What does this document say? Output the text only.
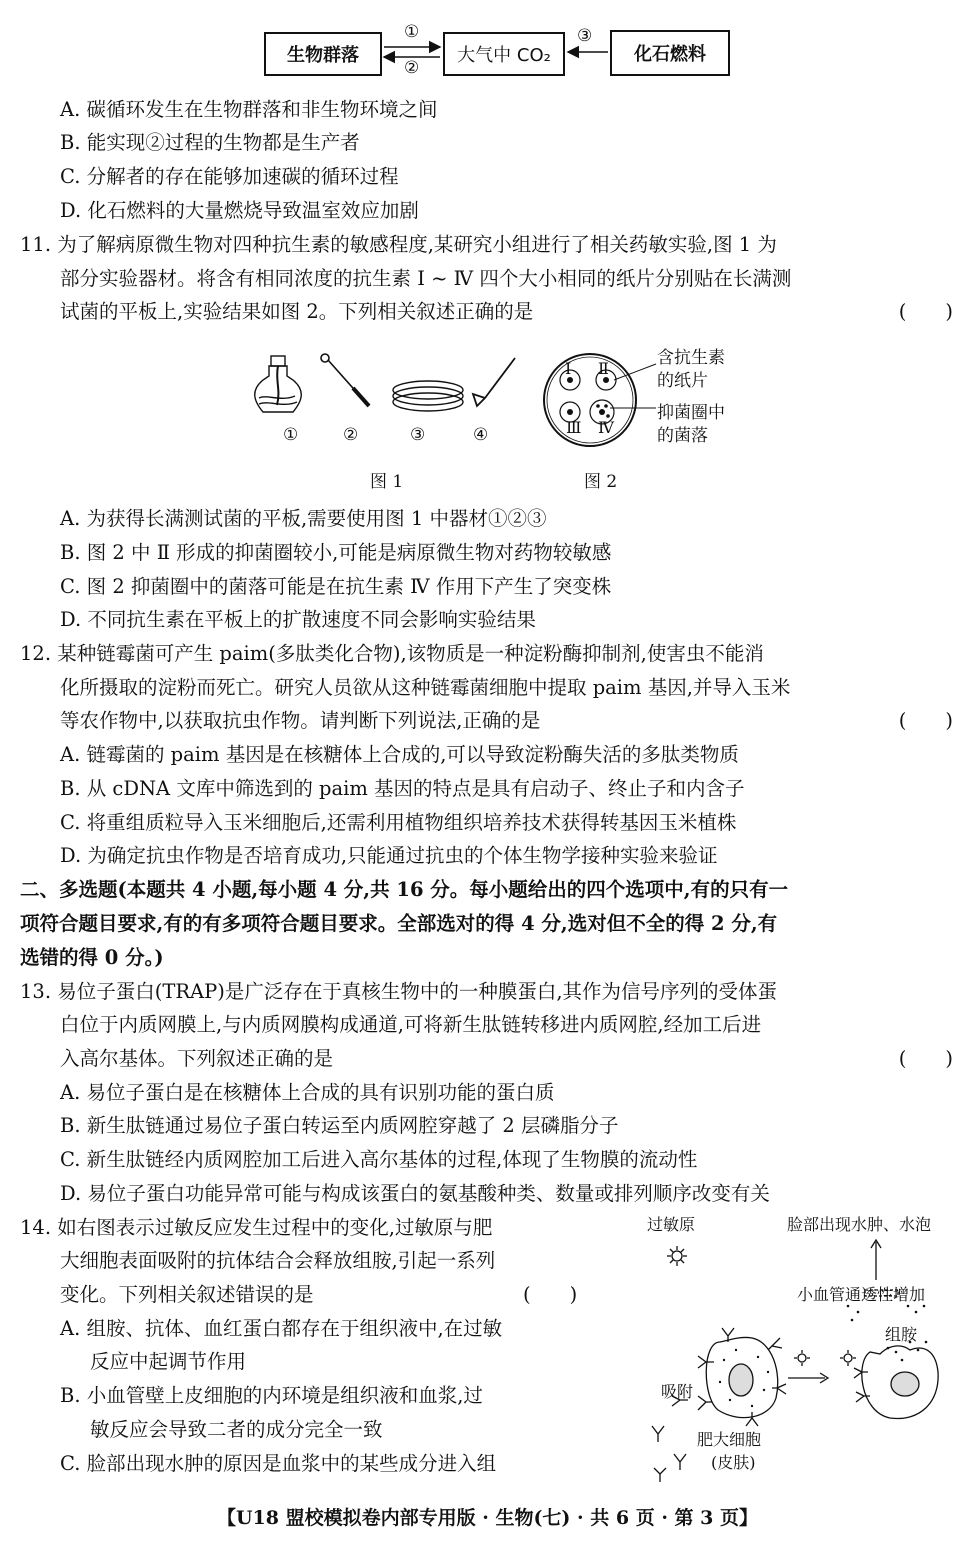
生物群落	大气中 CO₂	化石燃料
①
②
③
A. 碳循环发生在生物群落和非生物环境之间
B. 能实现②过程的生物都是生产者
C. 分解者的存在能够加速碳的循环过程
D. 化石燃料的大量燃烧导致温室效应加剧
11. 为了解病原微生物对四种抗生素的敏感程度,某研究小组进行了相关药敏实验,图 1 为
部分实验器材。将含有相同浓度的抗生素 Ⅰ ~ Ⅳ 四个大小相同的纸片分别贴在长满测
试菌的平板上,实验结果如图 2。下列相关叙述正确的是	(　　)
①	②	③	④
图 1
Ⅰ Ⅱ
Ⅲ Ⅳ
含抗生素
的纸片
抑菌圈中
的菌落
图 2
A. 为获得长满测试菌的平板,需要使用图 1 中器材①②③
B. 图 2 中 Ⅱ 形成的抑菌圈较小,可能是病原微生物对药物较敏感
C. 图 2 抑菌圈中的菌落可能是在抗生素 Ⅳ 作用下产生了突变株
D. 不同抗生素在平板上的扩散速度不同会影响实验结果
12. 某种链霉菌可产生 paim(多肽类化合物),该物质是一种淀粉酶抑制剂,使害虫不能消
化所摄取的淀粉而死亡。研究人员欲从这种链霉菌细胞中提取 paim 基因,并导入玉米
等农作物中,以获取抗虫作物。请判断下列说法,正确的是	(　　)
A. 链霉菌的 paim 基因是在核糖体上合成的,可以导致淀粉酶失活的多肽类物质
B. 从 cDNA 文库中筛选到的 paim 基因的特点是具有启动子、终止子和内含子
C. 将重组质粒导入玉米细胞后,还需利用植物组织培养技术获得转基因玉米植株
D. 为确定抗虫作物是否培育成功,只能通过抗虫的个体生物学接种实验来验证
二、多选题(本题共 4 小题,每小题 4 分,共 16 分。每小题给出的四个选项中,有的只有一
项符合题目要求,有的有多项符合题目要求。全部选对的得 4 分,选对但不全的得 2 分,有
选错的得 0 分。)
13. 易位子蛋白(TRAP)是广泛存在于真核生物中的一种膜蛋白,其作为信号序列的受体蛋
白位于内质网膜上,与内质网膜构成通道,可将新生肽链转移进内质网腔,经加工后进
入高尔基体。下列叙述正确的是	(　　)
A. 易位子蛋白是在核糖体上合成的具有识别功能的蛋白质
B. 新生肽链通过易位子蛋白转运至内质网腔穿越了 2 层磷脂分子
C. 新生肽链经内质网腔加工后进入高尔基体的过程,体现了生物膜的流动性
D. 易位子蛋白功能异常可能与构成该蛋白的氨基酸种类、数量或排列顺序改变有关
14. 如右图表示过敏反应发生过程中的变化,过敏原与肥
大细胞表面吸附的抗体结合会释放组胺,引起一系列
变化。下列相关叙述错误的是	(　　)
A. 组胺、抗体、血红蛋白都存在于组织液中,在过敏
反应中起调节作用
B. 小血管壁上皮细胞的内环境是组织液和血浆,过
敏反应会导致二者的成分完全一致
C. 脸部出现水肿的原因是血浆中的某些成分进入组
过敏原	脸部出现水肿、水泡
小血管通透性增加
组胺
吸附
肥大细胞
(皮肤)
【U18 盟校模拟卷内部专用版 · 生物(七) · 共 6 页 · 第 3 页】
